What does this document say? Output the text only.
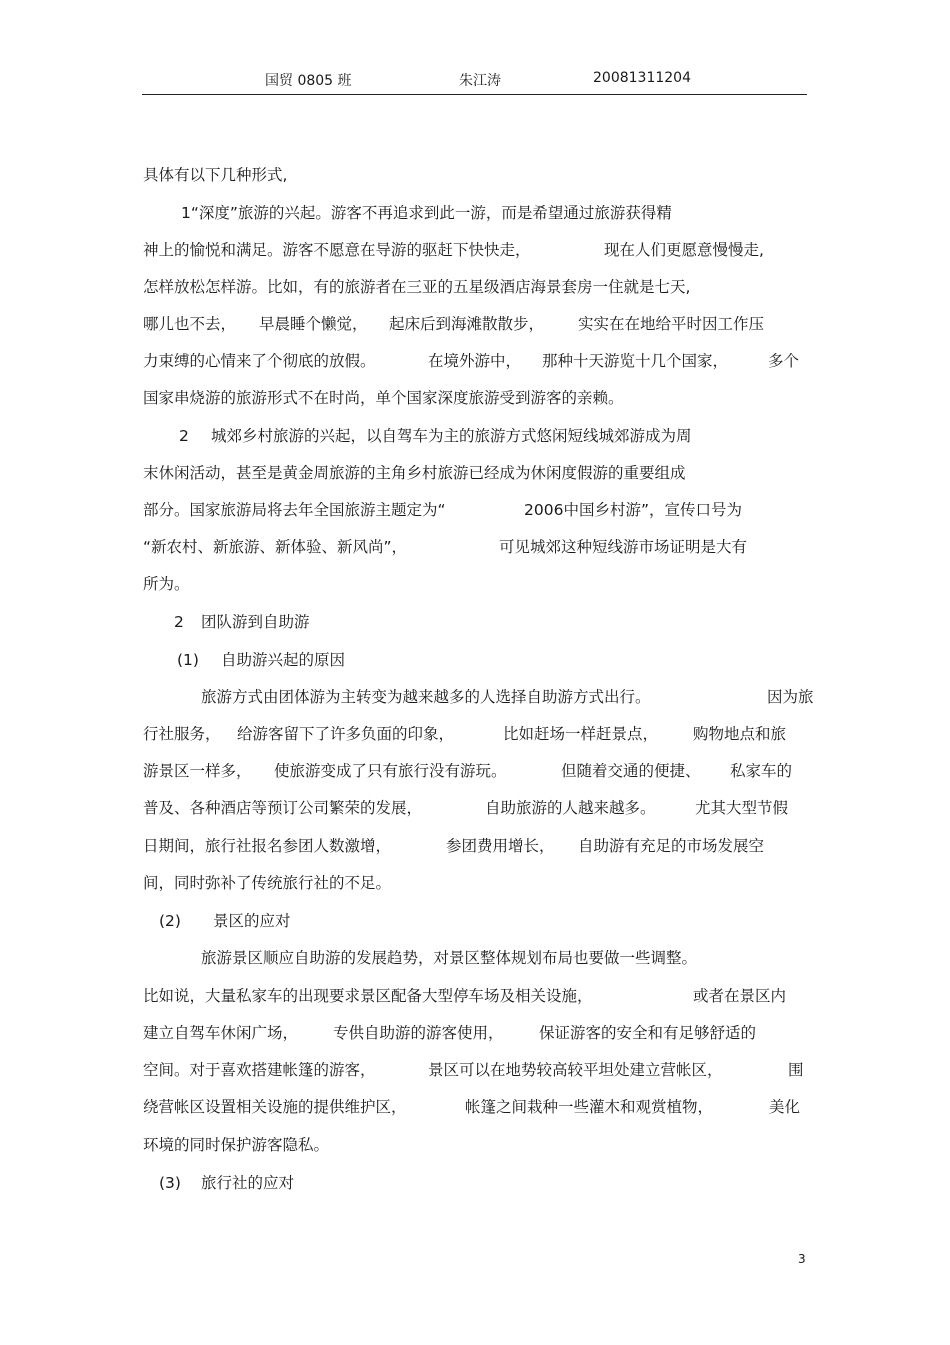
国贸 0805 班	朱江涛	20081311204
具体有以下几种形式,
1“深度”旅游的兴起。游客不再追求到此一游，而是希望通过旅游获得精
神上的愉悦和满足。游客不愿意在导游的驱赶下快快走，	现在人们更愿意慢慢走,
怎样放松怎样游。比如，有的旅游者在三亚的五星级酒店海景套房一住就是七天,
哪儿也不去， 早晨睡个懒觉， 起床后到海滩散散步， 实实在在地给平时因工作压
力束缚的心情来了个彻底的放假。	在境外游中， 那种十天游览十几个国家，	多个
国家串烧游的旅游形式不在时尚，单个国家深度旅游受到游客的亲赖。
2 城郊乡村旅游的兴起，以自驾车为主的旅游方式悠闲短线城郊游成为周
末休闲活动，甚至是黄金周旅游的主角乡村旅游已经成为休闲度假游的重要组成
部分。国家旅游局将去年全国旅游主题定为“	2006中国乡村游”，宣传口号为
“新农村、新旅游、新体验、新风尚”，	可见城郊这种短线游市场证明是大有
所为。
2 团队游到自助游
(1) 自助游兴起的原因
旅游方式由团体游为主转变为越来越多的人选择自助游方式出行。	因为旅
行社服务， 给游客留下了许多负面的印象，	比如赶场一样赶景点， 购物地点和旅
游景区一样多， 使旅游变成了只有旅行没有游玩。	但随着交通的便捷、 私家车的
普及、各种酒店等预订公司繁荣的发展，	自助旅游的人越来越多。	尤其大型节假
日期间，旅行社报名参团人数激增，	参团费用增长， 自助游有充足的市场发展空
间，同时弥补了传统旅行社的不足。
(2) 景区的应对
旅游景区顺应自助游的发展趋势，对景区整体规划布局也要做一些调整。
比如说，大量私家车的出现要求景区配备大型停车场及相关设施，	或者在景区内
建立自驾车休闲广场， 专供自助游的游客使用， 保证游客的安全和有足够舒适的
空间。对于喜欢搭建帐篷的游客，	景区可以在地势较高较平坦处建立营帐区，	围
绕营帐区设置相关设施的提供维护区，	帐篷之间栽种一些灌木和观赏植物，	美化
环境的同时保护游客隐私。
(3) 旅行社的应对
3
